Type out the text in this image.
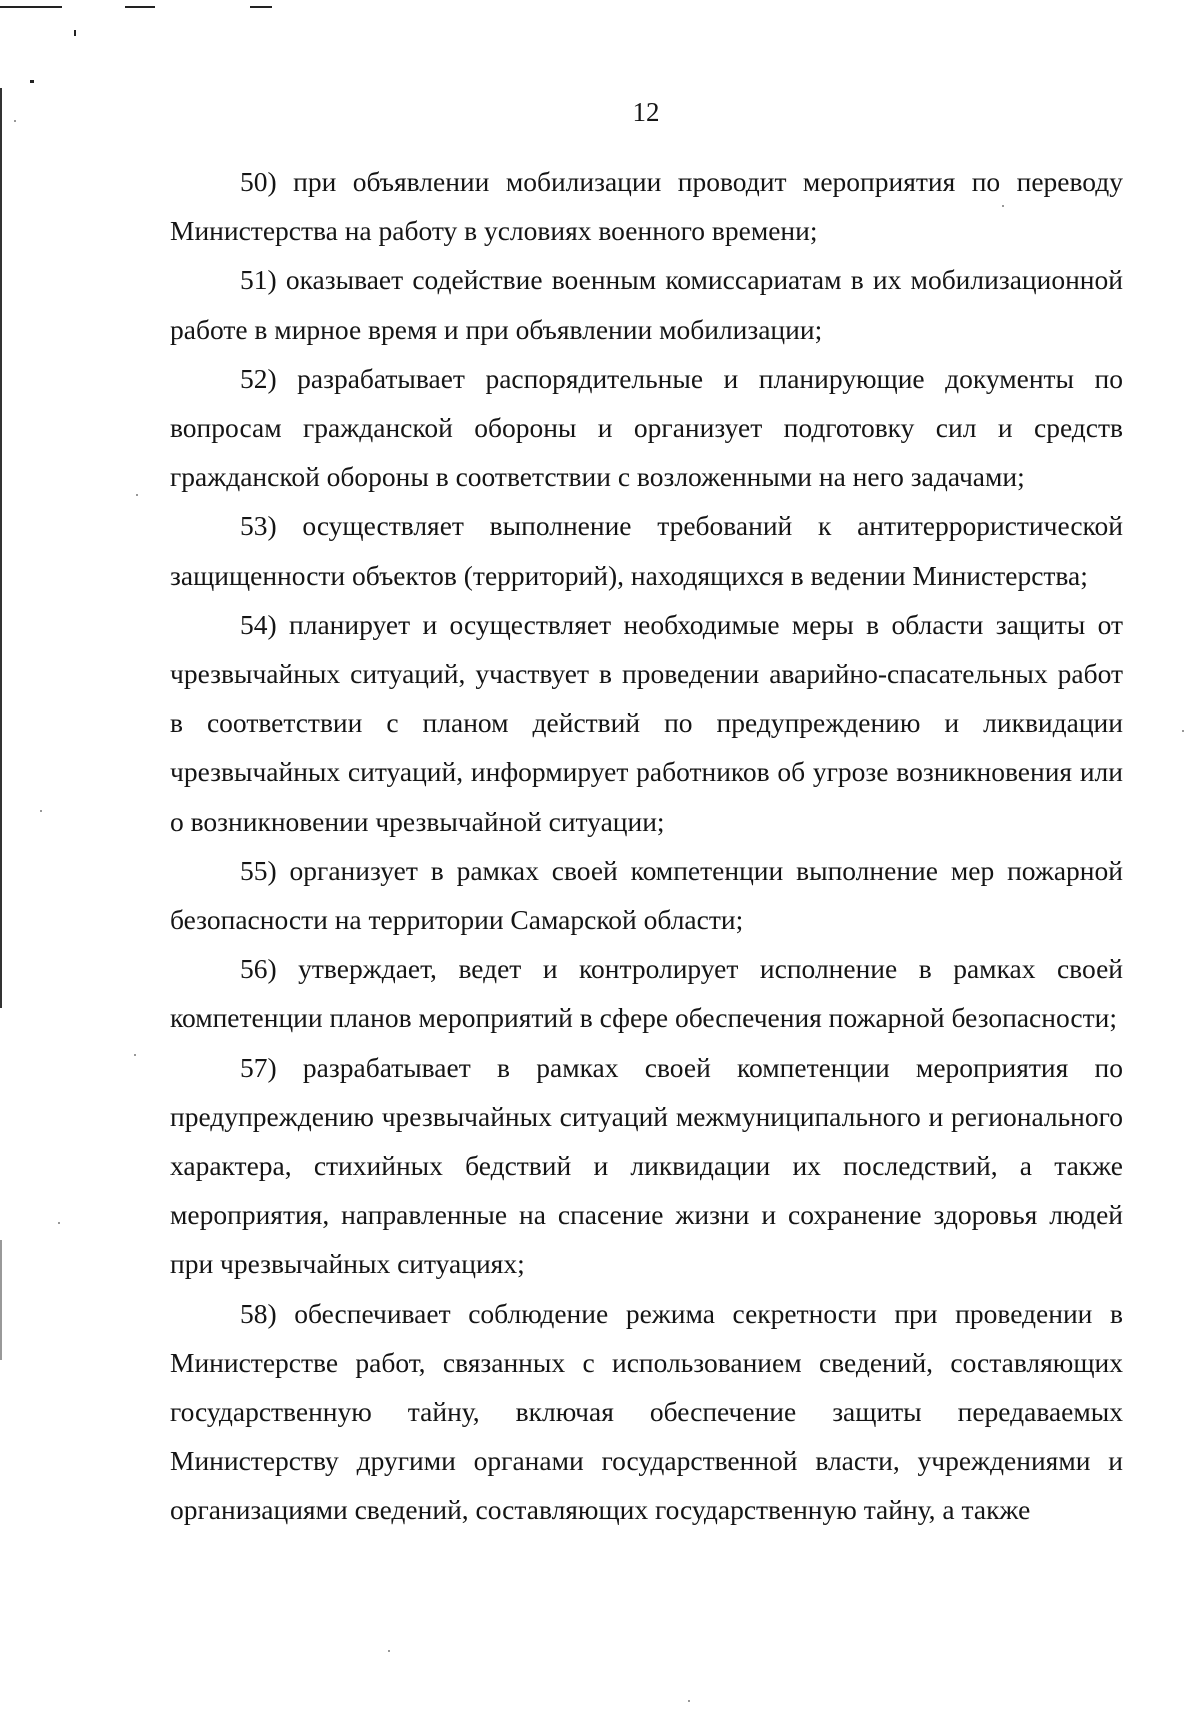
12

50) при объявлении мобилизации проводит мероприятия по переводу Министерства на работу в условиях военного времени;

51) оказывает содействие военным комиссариатам в их мобилизационной работе в мирное время и при объявлении мобилизации;

52) разрабатывает распорядительные и планирующие документы по вопросам гражданской обороны и организует подготовку сил и средств гражданской обороны в соответствии с возложенными на него задачами;

53) осуществляет выполнение требований к антитеррористической защищенности объектов (территорий), находящихся в ведении Министерства;

54) планирует и осуществляет необходимые меры в области защиты от чрезвычайных ситуаций, участвует в проведении аварийно-спасательных работ в соответствии с планом действий по предупреждению и ликвидации чрезвычайных ситуаций, информирует работников об угрозе возникновения или о возникновении чрезвычайной ситуации;

55) организует в рамках своей компетенции выполнение мер пожарной безопасности на территории Самарской области;

56) утверждает, ведет и контролирует исполнение в рамках своей компетенции планов мероприятий в сфере обеспечения пожарной безопасности;

57) разрабатывает в рамках своей компетенции мероприятия по предупреждению чрезвычайных ситуаций межмуниципального и регионального характера, стихийных бедствий и ликвидации их последствий, а также мероприятия, направленные на спасение жизни и сохранение здоровья людей при чрезвычайных ситуациях;

58) обеспечивает соблюдение режима секретности при проведении в Министерстве работ, связанных с использованием сведений, составляющих государственную тайну, включая обеспечение защиты передаваемых Министерству другими органами государственной власти, учреждениями и организациями сведений, составляющих государственную тайну, а также
